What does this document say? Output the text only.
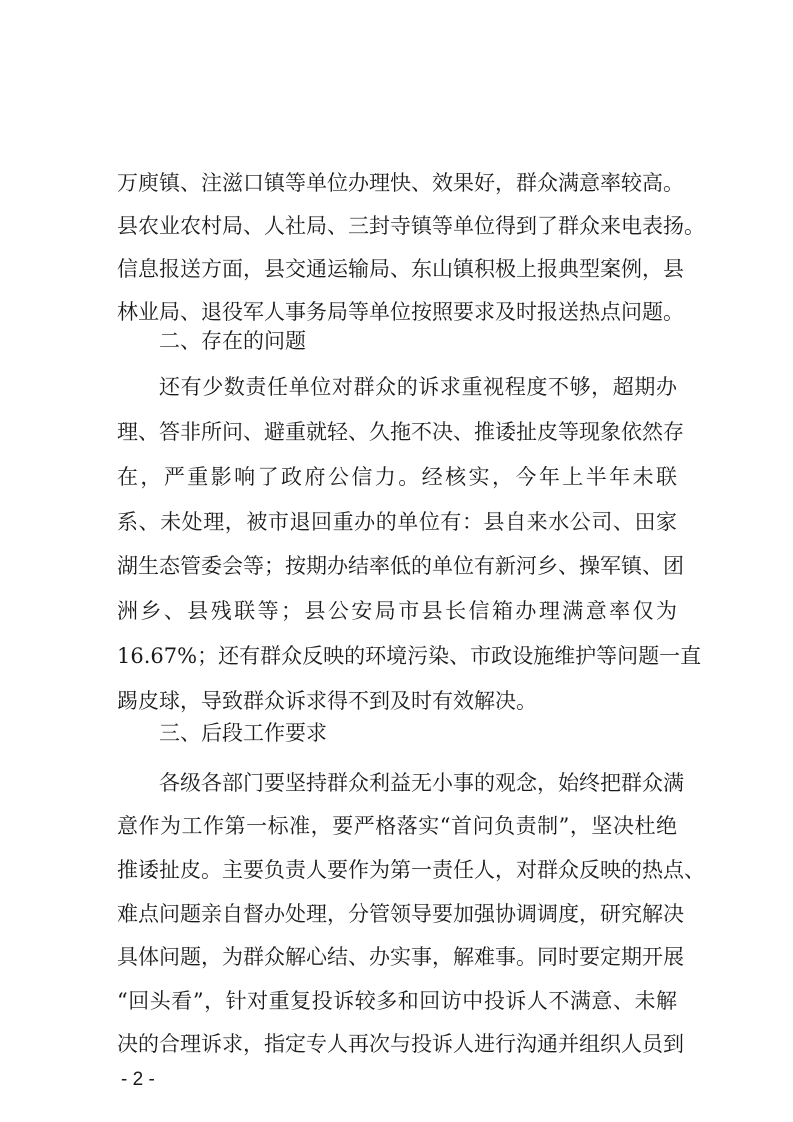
万庾镇、注滋口镇等单位办理快、效果好，群众满意率较高。
县农业农村局、人社局、三封寺镇等单位得到了群众来电表扬。
信息报送方面，县交通运输局、东山镇积极上报典型案例，县
林业局、退役军人事务局等单位按照要求及时报送热点问题。
二、存在的问题
还有少数责任单位对群众的诉求重视程度不够，超期办
理、答非所问、避重就轻、久拖不决、推诿扯皮等现象依然存
在，严重影响了政府公信力。经核实，今年上半年未联
系、未处理，被市退回重办的单位有：县自来水公司、田家
湖生态管委会等；按期办结率低的单位有新河乡、操军镇、团
洲乡、县残联等；县公安局市县长信箱办理满意率仅为
16.67%；还有群众反映的环境污染、市政设施维护等问题一直
踢皮球，导致群众诉求得不到及时有效解决。
三、后段工作要求
各级各部门要坚持群众利益无小事的观念，始终把群众满
意作为工作第一标准，要严格落实“首问负责制”，坚决杜绝
推诿扯皮。主要负责人要作为第一责任人，对群众反映的热点、
难点问题亲自督办处理，分管领导要加强协调调度，研究解决
具体问题，为群众解心结、办实事，解难事。同时要定期开展
“回头看”，针对重复投诉较多和回访中投诉人不满意、未解
决的合理诉求，指定专人再次与投诉人进行沟通并组织人员到
- 2 -
